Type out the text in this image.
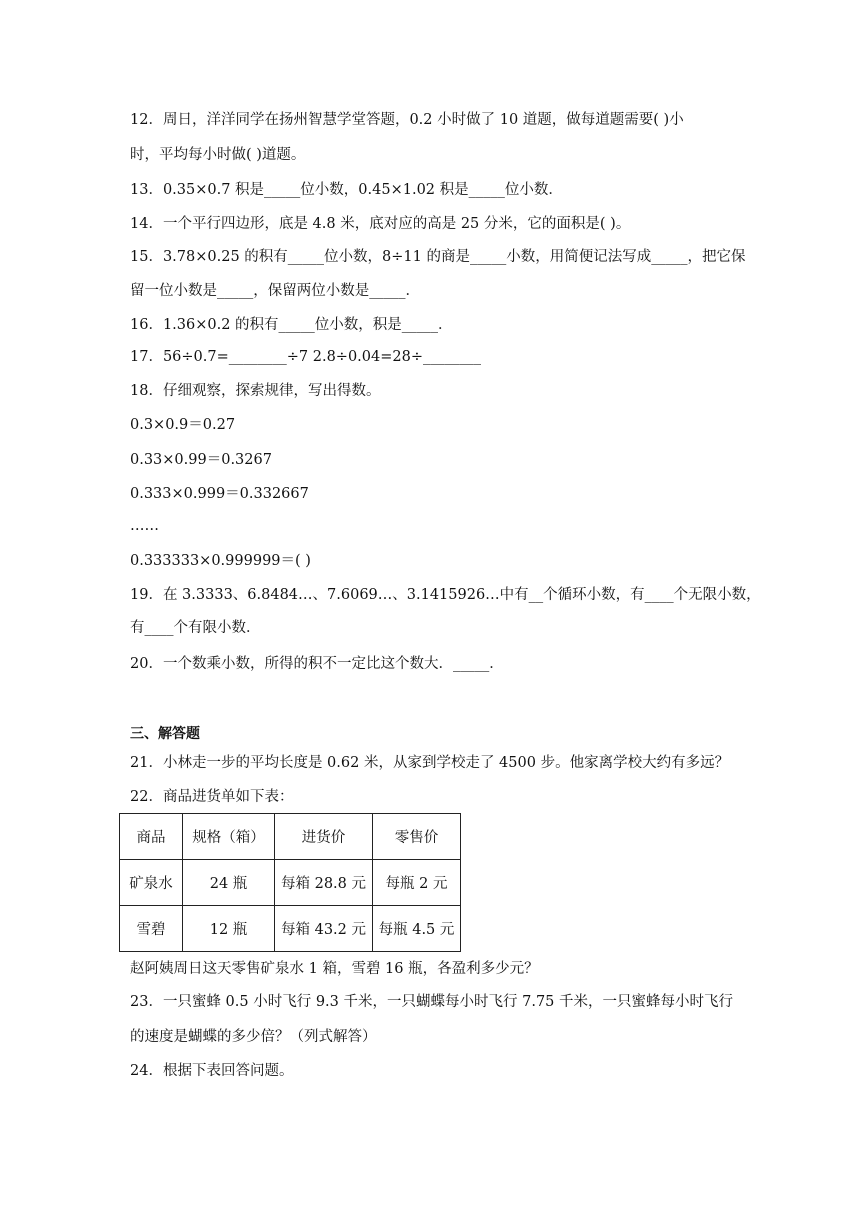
12．周日，洋洋同学在扬州智慧学堂答题，0.2 小时做了 10 道题，做每道题需要( )小
时，平均每小时做( )道题。
13．0.35×0.7 积是_____位小数，0.45×1.02 积是_____位小数．
14．一个平行四边形，底是 4.8 米，底对应的高是 25 分米，它的面积是( )。
15．3.78×0.25 的积有_____位小数，8÷11 的商是_____小数，用简便记法写成_____，把它保
留一位小数是_____，保留两位小数是_____．
16．1.36×0.2 的积有_____位小数，积是_____．
17．56÷0.7=________÷7 2.8÷0.04=28÷________
18．仔细观察，探索规律，写出得数。
0.3×0.9＝0.27
0.33×0.99＝0.3267
0.333×0.999＝0.332667
……
0.333333×0.999999＝( )
19．在 3.3333、6.8484…、7.6069…、3.1415926…中有__个循环小数，有____个无限小数，
有____个有限小数．
20．一个数乘小数，所得的积不一定比这个数大．_____．
三、解答题
21．小林走一步的平均长度是 0.62 米，从家到学校走了 4500 步。他家离学校大约有多远？
22．商品进货单如下表：
商品	规格（箱）	进货价	零售价
矿泉水	24 瓶	每箱 28.8 元	每瓶 2 元
雪碧	12 瓶	每箱 43.2 元	每瓶 4.5 元
赵阿姨周日这天零售矿泉水 1 箱，雪碧 16 瓶，各盈利多少元？
23．一只蜜蜂 0.5 小时飞行 9.3 千米，一只蝴蝶每小时飞行 7.75 千米，一只蜜蜂每小时飞行
的速度是蝴蝶的多少倍？（列式解答）
24．根据下表回答问题。
